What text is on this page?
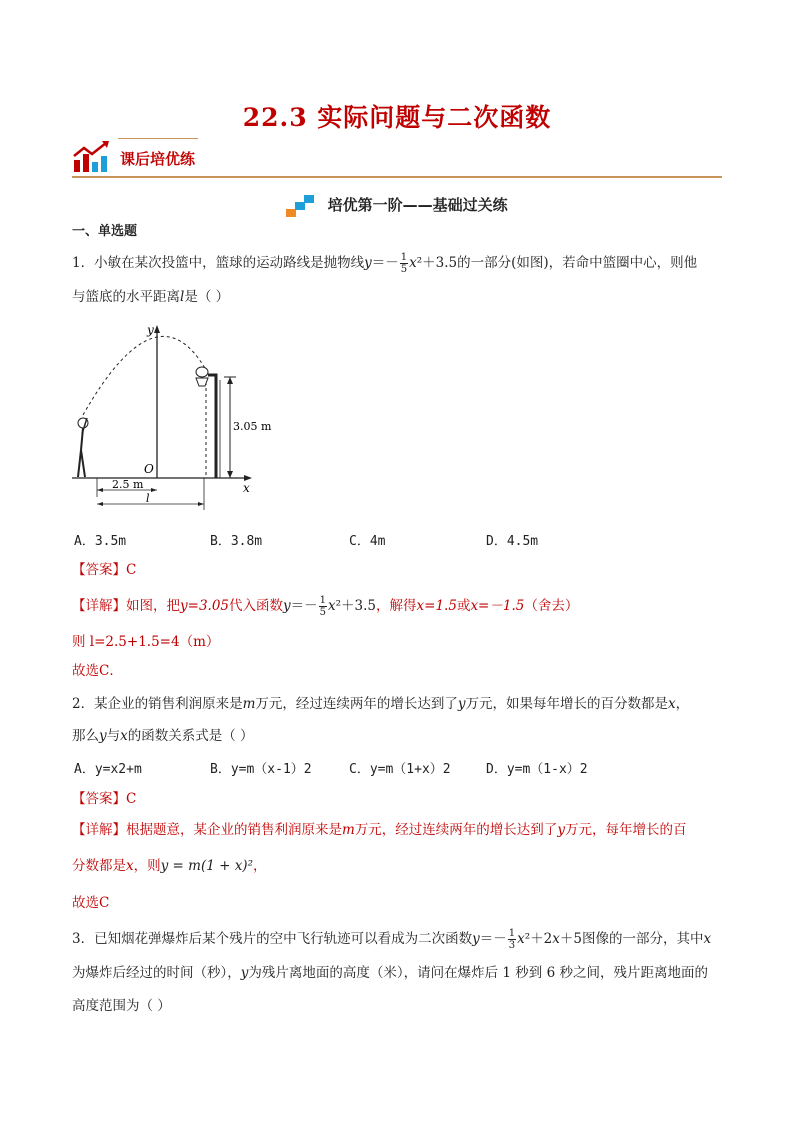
22.3 实际问题与二次函数
课后培优练
培优第一阶——基础过关练
一、单选题
1．小敏在某次投篮中，篮球的运动路线是抛物线$y=- \frac{1}{5} x^2+3.5$的一部分(如图)，若命中篮圈中心，则他
与篮底的水平距离l是（ ）
y
x
O
3.05 m
2.5 m
l
A．3.5m	B．3.8m	C．4m	D．4.5m
【答案】C
【详解】如图，把y=3.05代入函数$y=- \frac{1}{5} x^2+3.5$，解得x=1.5或x=－1.5（舍去）
则 l=2.5+1.5=4（m）
故选C．
2．某企业的销售利润原来是m万元，经过连续两年的增长达到了y万元，如果每年增长的百分数都是x，
那么y与x的函数关系式是（ ）
A．y=x2+m	B．y=m（x-1）2	C．y=m（1+x）2	D．y=m（1-x）2
【答案】C
【详解】根据题意，某企业的销售利润原来是m万元，经过连续两年的增长达到了y万元，每年增长的百
分数都是x，则y = m(1 + x)²，
故选C
3．已知烟花弹爆炸后某个残片的空中飞行轨迹可以看成为二次函数$y=- \frac{1}{3} x^2+2x+5$图像的一部分，其中x
为爆炸后经过的时间（秒），y为残片离地面的高度（米），请问在爆炸后 1 秒到 6 秒之间，残片距离地面的
高度范围为（ ）
